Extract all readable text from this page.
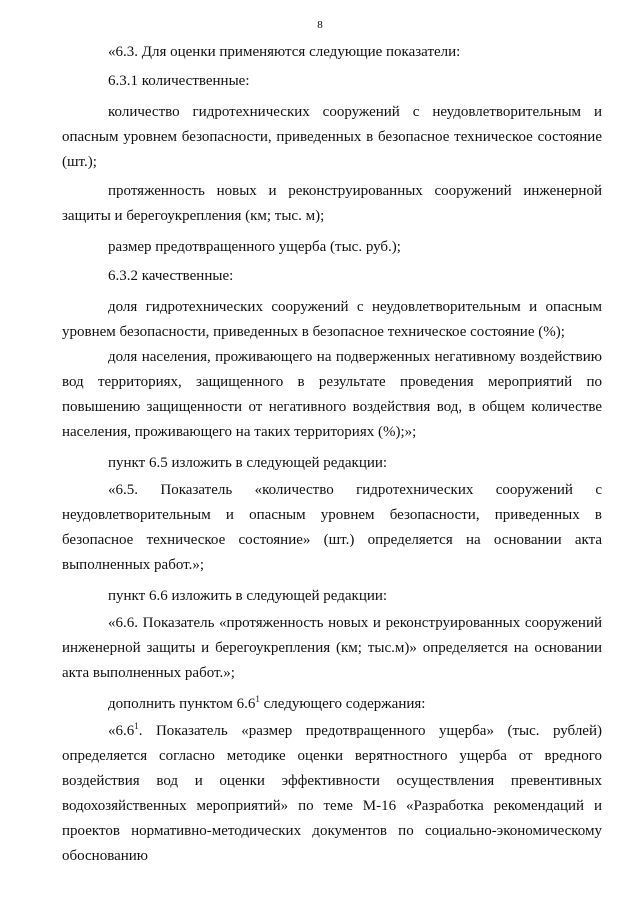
8

«6.3. Для оценки применяются следующие показатели:

6.3.1 количественные:

количество гидротехнических сооружений с неудовлетворительным и опасным уровнем безопасности, приведенных в безопасное техническое состояние (шт.);

протяженность новых и реконструированных сооружений инженерной защиты и берегоукрепления (км; тыс. м);

размер предотвращенного ущерба (тыс. руб.);

6.3.2 качественные:

доля гидротехнических сооружений с неудовлетворительным и опасным уровнем безопасности, приведенных в безопасное техническое состояние (%);

доля населения, проживающего на подверженных негативному воздействию вод территориях, защищенного в результате проведения мероприятий по повышению защищенности от негативного воздействия вод, в общем количестве населения, проживающего на таких территориях (%);»;

пункт 6.5 изложить в следующей редакции:

«6.5. Показатель «количество гидротехнических сооружений с неудовлетворительным и опасным уровнем безопасности, приведенных в безопасное техническое состояние» (шт.) определяется на основании акта выполненных работ.»;

пункт 6.6 изложить в следующей редакции:

«6.6. Показатель «протяженность новых и реконструированных сооружений инженерной защиты и берегоукрепления (км; тыс.м)» определяется на основании акта выполненных работ.»;

дополнить пунктом $6.6^1$ следующего содержания:

«$6.6^1$. Показатель «размер предотвращенного ущерба» (тыс. рублей) определяется согласно методике оценки верятностного ущерба от вредного воздействия вод и оценки эффективности осуществления превентивных водохозяйственных мероприятий» по теме М-16 «Разработка рекомендаций и проектов нормативно-методических документов по социально-экономическому обоснованию
